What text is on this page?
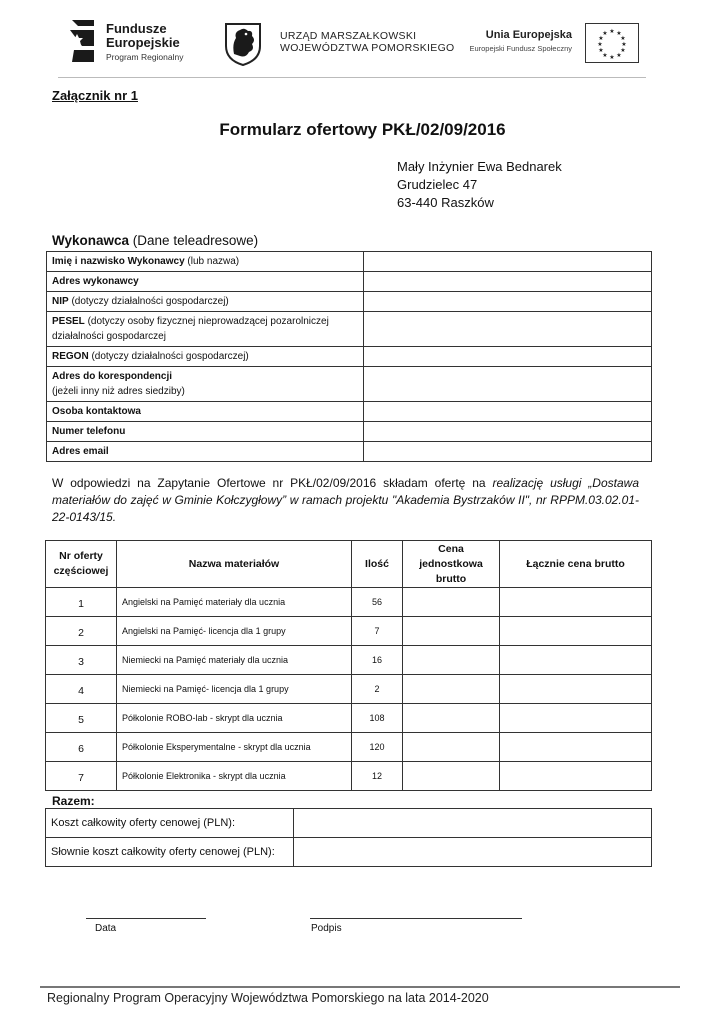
Fundusze
Europejskie
Program Regionalny
URZĄD MARSZAŁKOWSKI
WOJEWÓDZTWA POMORSKIEGO
Unia Europejska
Europejski Fundusz Społeczny
★ ★
★
★
★
★
★
★
★
★
★
★
Załącznik nr 1
Formularz ofertowy PKŁ/02/09/2016
Mały Inżynier Ewa Bednarek
Grudzielec 47
63-440 Raszków
Wykonawca (Dane teleadresowe)
Imię i nazwisko Wykonawcy (lub nazwa)	
Adres wykonawcy	
NIP (dotyczy działalności gospodarczej)	
PESEL (dotyczy osoby fizycznej nieprowadzącej pozarolniczej działalności gospodarczej	
REGON (dotyczy działalności gospodarczej)	
Adres do korespondencji
(jeżeli inny niż adres siedziby)	
Osoba kontaktowa	
Numer telefonu	
Adres email	
W odpowiedzi na Zapytanie Ofertowe nr PKŁ/02/09/2016 składam ofertę na realizację usługi „Dostawa materiałów do zajęć w Gminie Kołczygłowy” w ramach projektu "Akademia Bystrzaków II", nr RPPM.03.02.01-22-0143/15.
Nr oferty częściowej	Nazwa materiałów	Ilość	Cena jednostkowa brutto	Łącznie cena brutto
1	Angielski na Pamięć materiały dla ucznia	56		
2	Angielski na Pamięć- licencja dla 1 grupy	7		
3	Niemiecki na Pamięć materiały dla ucznia	16		
4	Niemiecki na Pamięć- licencja dla 1 grupy	2		
5	Półkolonie ROBO-lab - skrypt dla ucznia	108		
6	Półkolonie Eksperymentalne - skrypt dla ucznia	120		
7	Półkolonie Elektronika - skrypt dla ucznia	12		
Razem:
Koszt całkowity oferty cenowej (PLN):	
Słownie koszt całkowity oferty cenowej (PLN):	
Data	Podpis
Regionalny Program Operacyjny Województwa Pomorskiego na lata 2014-2020
